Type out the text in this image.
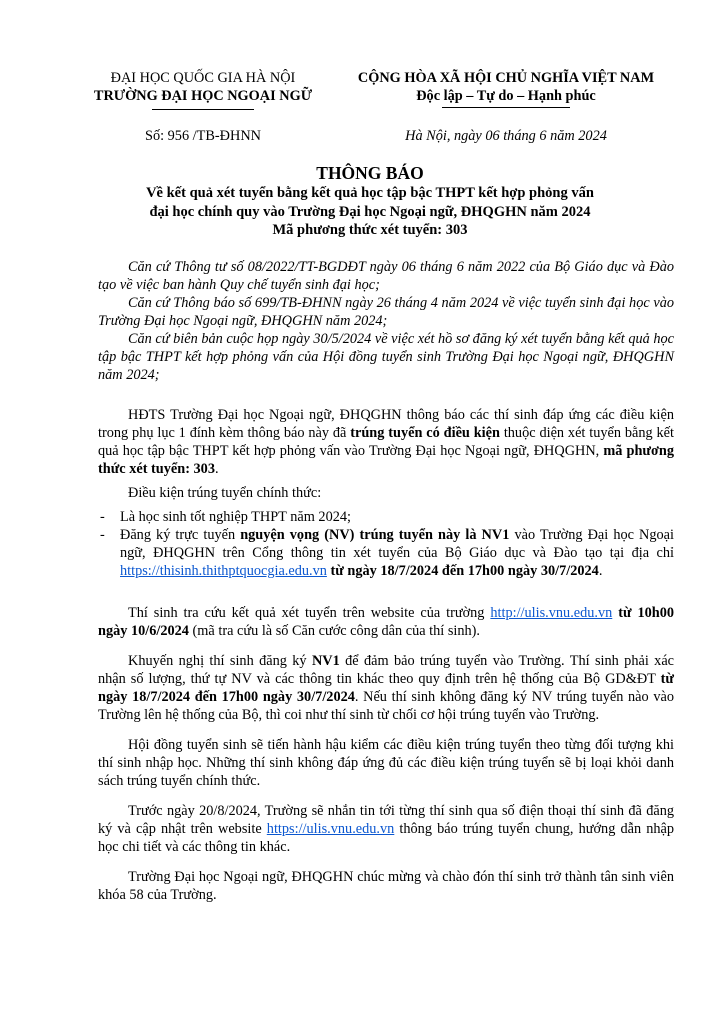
ĐẠI HỌC QUỐC GIA HÀ NỘI
TRƯỜNG ĐẠI HỌC NGOẠI NGỮ
CỘNG HÒA XÃ HỘI CHỦ NGHĨA VIỆT NAM
Độc lập – Tự do – Hạnh phúc
Số: 956 /TB-ĐHNN	Hà Nội, ngày 06 tháng 6 năm 2024
THÔNG BÁO
Về kết quả xét tuyển bằng kết quả học tập bậc THPT kết hợp phỏng vấn
đại học chính quy vào Trường Đại học Ngoại ngữ, ĐHQGHN năm 2024
Mã phương thức xét tuyển: 303

Căn cứ Thông tư số 08/2022/TT-BGDĐT ngày 06 tháng 6 năm 2022 của Bộ Giáo dục và Đào tạo về việc ban hành Quy chế tuyển sinh đại học;

Căn cứ Thông báo số 699/TB-ĐHNN ngày 26 tháng 4 năm 2024 về việc tuyển sinh đại học vào Trường Đại học Ngoại ngữ, ĐHQGHN năm 2024;

Căn cứ biên bản cuộc họp ngày 30/5/2024 về việc xét hồ sơ đăng ký xét tuyển bằng kết quả học tập bậc THPT kết hợp phỏng vấn của Hội đồng tuyển sinh Trường Đại học Ngoại ngữ, ĐHQGHN năm 2024;

HĐTS Trường Đại học Ngoại ngữ, ĐHQGHN thông báo các thí sinh đáp ứng các điều kiện trong phụ lục 1 đính kèm thông báo này đã trúng tuyển có điều kiện thuộc diện xét tuyển bằng kết quả học tập bậc THPT kết hợp phỏng vấn vào Trường Đại học Ngoại ngữ, ĐHQGHN, mã phương thức xét tuyển: 303.

Điều kiện trúng tuyển chính thức:

- Là học sinh tốt nghiệp THPT năm 2024;

- Đăng ký trực tuyến nguyện vọng (NV) trúng tuyển này là NV1 vào Trường Đại học Ngoại ngữ, ĐHQGHN trên Cổng thông tin xét tuyển của Bộ Giáo dục và Đào tạo tại địa chỉ https://thisinh.thithptquocgia.edu.vn từ ngày 18/7/2024 đến 17h00 ngày 30/7/2024.

Thí sinh tra cứu kết quả xét tuyển trên website của trường http://ulis.vnu.edu.vn từ 10h00 ngày 10/6/2024 (mã tra cứu là số Căn cước công dân của thí sinh).

Khuyến nghị thí sinh đăng ký NV1 để đảm bảo trúng tuyển vào Trường. Thí sinh phải xác nhận số lượng, thứ tự NV và các thông tin khác theo quy định trên hệ thống của Bộ GD&ĐT từ ngày 18/7/2024 đến 17h00 ngày 30/7/2024. Nếu thí sinh không đăng ký NV trúng tuyển nào vào Trường lên hệ thống của Bộ, thì coi như thí sinh từ chối cơ hội trúng tuyển vào Trường.

Hội đồng tuyển sinh sẽ tiến hành hậu kiểm các điều kiện trúng tuyển theo từng đối tượng khi thí sinh nhập học. Những thí sinh không đáp ứng đủ các điều kiện trúng tuyển sẽ bị loại khỏi danh sách trúng tuyển chính thức.

Trước ngày 20/8/2024, Trường sẽ nhắn tin tới từng thí sinh qua số điện thoại thí sinh đã đăng ký và cập nhật trên website https://ulis.vnu.edu.vn thông báo trúng tuyển chung, hướng dẫn nhập học chi tiết và các thông tin khác.

Trường Đại học Ngoại ngữ, ĐHQGHN chúc mừng và chào đón thí sinh trở thành tân sinh viên khóa 58 của Trường.
